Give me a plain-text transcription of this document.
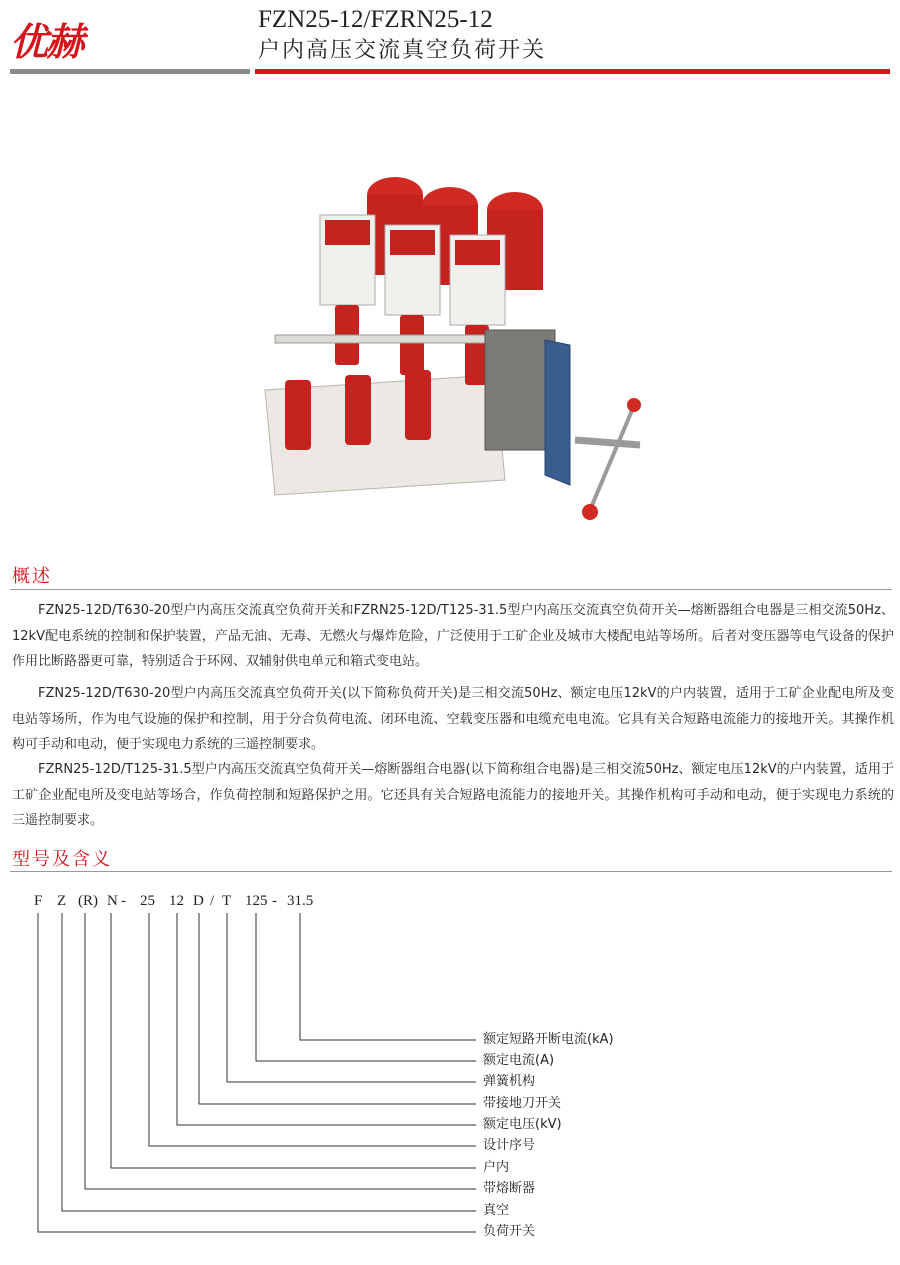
优赫
FZN25-12/FZRN25-12
户内高压交流真空负荷开关
概述

FZN25-12D/T630-20型户内高压交流真空负荷开关和FZRN25-12D/T125-31.5型户内高压交流真空负荷开关—熔断器组合电器是三相交流50Hz、12kV配电系统的控制和保护装置，产品无油、无毒、无燃火与爆炸危险，广泛使用于工矿企业及城市大楼配电站等场所。后者对变压器等电气设备的保护作用比断路器更可靠，特别适合于环网、双辅射供电单元和箱式变电站。

FZN25-12D/T630-20型户内高压交流真空负荷开关(以下简称负荷开关)是三相交流50Hz、额定电压12kV的户内装置，适用于工矿企业配电所及变电站等场所，作为电气设施的保护和控制，用于分合负荷电流、闭环电流、空载变压器和电缆充电电流。它具有关合短路电流能力的接地开关。其操作机构可手动和电动，便于实现电力系统的三遥控制要求。

FZRN25-12D/T125-31.5型户内高压交流真空负荷开关—熔断器组合电器(以下简称组合电器)是三相交流50Hz、额定电压12kV的户内装置，适用于工矿企业配电所及变电站等场合，作负荷控制和短路保护之用。它还具有关合短路电流能力的接地开关。其操作机构可手动和电动，便于实现电力系统的三遥控制要求。

型号及含义
F Z (R) N - 25 12 D / T 125 - 31.5
额定短路开断电流(kA)
额定电流(A)
弹簧机构
带接地刀开关
额定电压(kV)
设计序号
户内
带熔断器
真空
负荷开关
